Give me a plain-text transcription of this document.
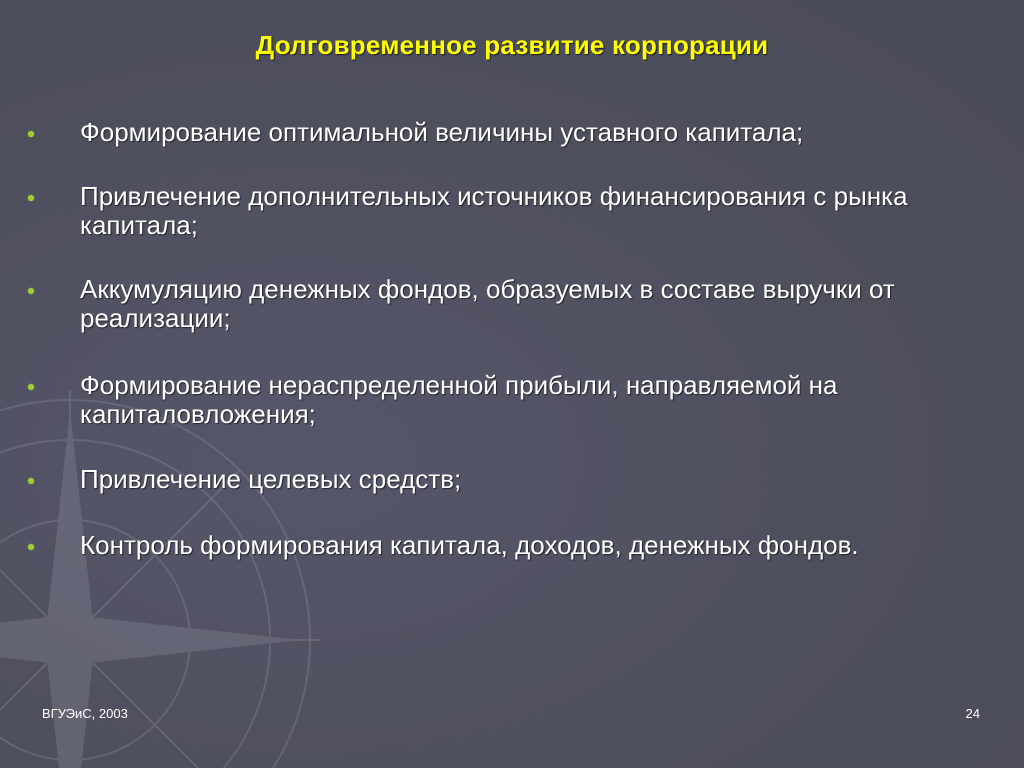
Долговременное развитие корпорации
Формирование оптимальной величины уставного капитала;
Привлечение дополнительных источников финансирования с рынка капитала;
Аккумуляцию денежных фондов, образуемых в составе выручки от реализации;
Формирование нераспределенной прибыли, направляемой на капиталовложения;
Привлечение целевых средств;
Контроль формирования капитала, доходов, денежных фондов.
ВГУЭиС, 2003	24
